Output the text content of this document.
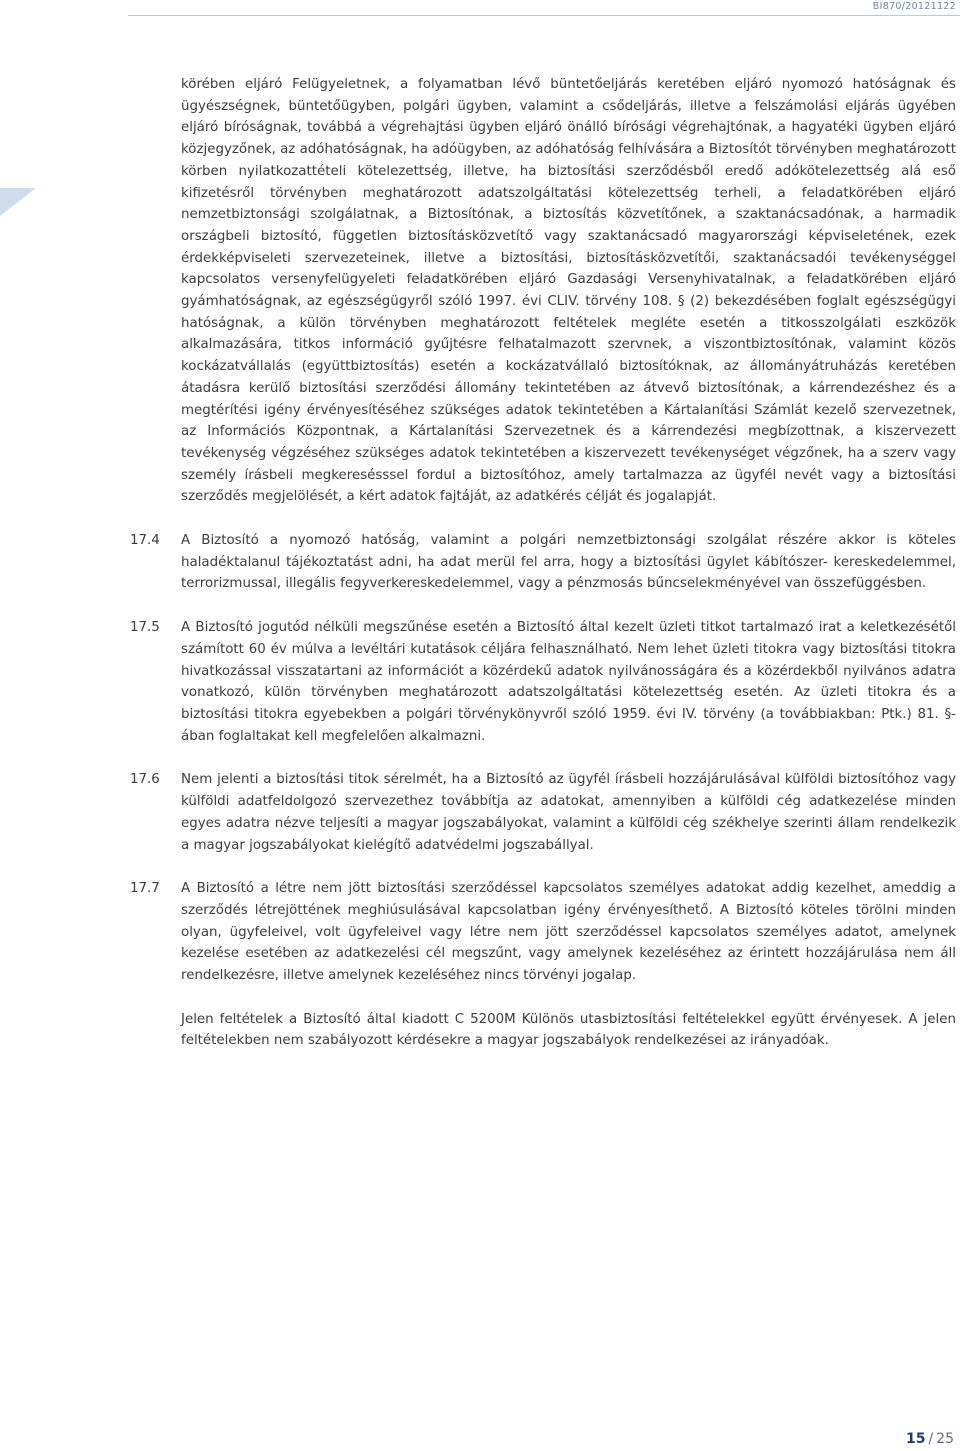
BI870/20121122
körében eljáró Felügyeletnek, a folyamatban lévő büntetőeljárás keretében eljáró nyomozó hatóságnak és ügyészségnek, büntetőügyben, polgári ügyben, valamint a csődeljárás, illetve a felszámolási eljárás ügyében eljáró bíróságnak, továbbá a végrehajtási ügyben eljáró önálló bírósági végrehajtónak, a hagyatéki ügyben eljáró közjegyzőnek, az adóhatóságnak, ha adóügyben, az adóhatóság felhívására a Biztosítót törvényben meghatározott körben nyilatkozattételi kötelezettség, illetve, ha biztosítási szerződésből eredő adókötelezettség alá eső kifizetésről törvényben meghatározott adatszolgáltatási kötelezettség terheli, a feladatkörében eljáró nemzetbiztonsági szolgálatnak, a Biztosítónak, a biztosítás közvetítőnek, a szaktanácsadónak, a harmadik országbeli biztosító, független biztosításközvetítő vagy szaktanácsadó magyarországi képviseletének, ezek érdekképviseleti szervezeteinek, illetve a biztosítási, biztosításközvetítői, szaktanácsadói tevékenységgel kapcsolatos versenyfelügyeleti feladatkörében eljáró Gazdasági Versenyhivatalnak, a feladatkörében eljáró gyámhatóságnak, az egészségügyről szóló 1997. évi CLIV. törvény 108. § (2) bekezdésében foglalt egészségügyi hatóságnak, a külön törvényben meghatározott feltételek megléte esetén a titkosszolgálati eszközök alkalmazására, titkos információ gyűjtésre felhatalmazott szervnek, a viszontbiztosítónak, valamint közös kockázatvállalás (együttbiztosítás) esetén a kockázatvállaló biztosítóknak, az állományátruházás keretében átadásra kerülő biztosítási szerződési állomány tekintetében az átvevő biztosítónak, a kárrendezéshez és a megtérítési igény érvényesítéséhez szükséges adatok tekintetében a Kártalanítási Számlát kezelő szervezetnek, az Információs Központnak, a Kártalanítási Szervezetnek és a kárrendezési megbízottnak, a kiszervezett tevékenység végzéséhez szükséges adatok tekintetében a kiszervezett tevékenységet végzőnek, ha a szerv vagy személy írásbeli megkeresésssel fordul a biztosítóhoz, amely tartalmazza az ügyfél nevét vagy a biztosítási szerződés megjelölését, a kért adatok fajtáját, az adatkérés célját és jogalapját.
17.4	A Biztosító a nyomozó hatóság, valamint a polgári nemzetbiztonsági szolgálat részére akkor is köteles haladéktalanul tájékoztatást adni, ha adat merül fel arra, hogy a biztosítási ügylet kábítószer- kereskedelemmel, terrorizmussal, illegális fegyverkereskedelemmel, vagy a pénzmosás bűncselekményével van összefüggésben.
17.5	A Biztosító jogutód nélküli megszűnése esetén a Biztosító által kezelt üzleti titkot tartalmazó irat a keletkezésétől számított 60 év múlva a levéltári kutatások céljára felhasználható. Nem lehet üzleti titokra vagy biztosítási titokra hivatkozással visszatartani az információt a közérdekű adatok nyilvánosságára és a közérdekből nyilvános adatra vonatkozó, külön törvényben meghatározott adatszolgáltatási kötelezettség esetén. Az üzleti titokra és a biztosítási titokra egyebekben a polgári törvénykönyvről szóló 1959. évi IV. törvény (a továbbiakban: Ptk.) 81. §-ában foglaltakat kell megfelelően alkalmazni.
17.6	Nem jelenti a biztosítási titok sérelmét, ha a Biztosító az ügyfél írásbeli hozzájárulásával külföldi biztosítóhoz vagy külföldi adatfeldolgozó szervezethez továbbítja az adatokat, amennyiben a külföldi cég adatkezelése minden egyes adatra nézve teljesíti a magyar jogszabályokat, valamint a külföldi cég székhelye szerinti állam rendelkezik a magyar jogszabályokat kielégítő adatvédelmi jogszabállyal.
17.7	A Biztosító a létre nem jött biztosítási szerződéssel kapcsolatos személyes adatokat addig kezelhet, ameddig a szerződés létrejöttének meghiúsulásával kapcsolatban igény érvényesíthető. A Biztosító köteles törölni minden olyan, ügyfeleivel, volt ügyfeleivel vagy létre nem jött szerződéssel kapcsolatos személyes adatot, amelynek kezelése esetében az adatkezelési cél megszűnt, vagy amelynek kezeléséhez az érintett hozzájárulása nem áll rendelkezésre, illetve amelynek kezeléséhez nincs törvényi jogalap.
Jelen feltételek a Biztosító által kiadott C 5200M Különös utasbiztosítási feltételekkel együtt érvényesek. A jelen feltételekben nem szabályozott kérdésekre a magyar jogszabályok rendelkezései az irányadóak.
15 / 25
